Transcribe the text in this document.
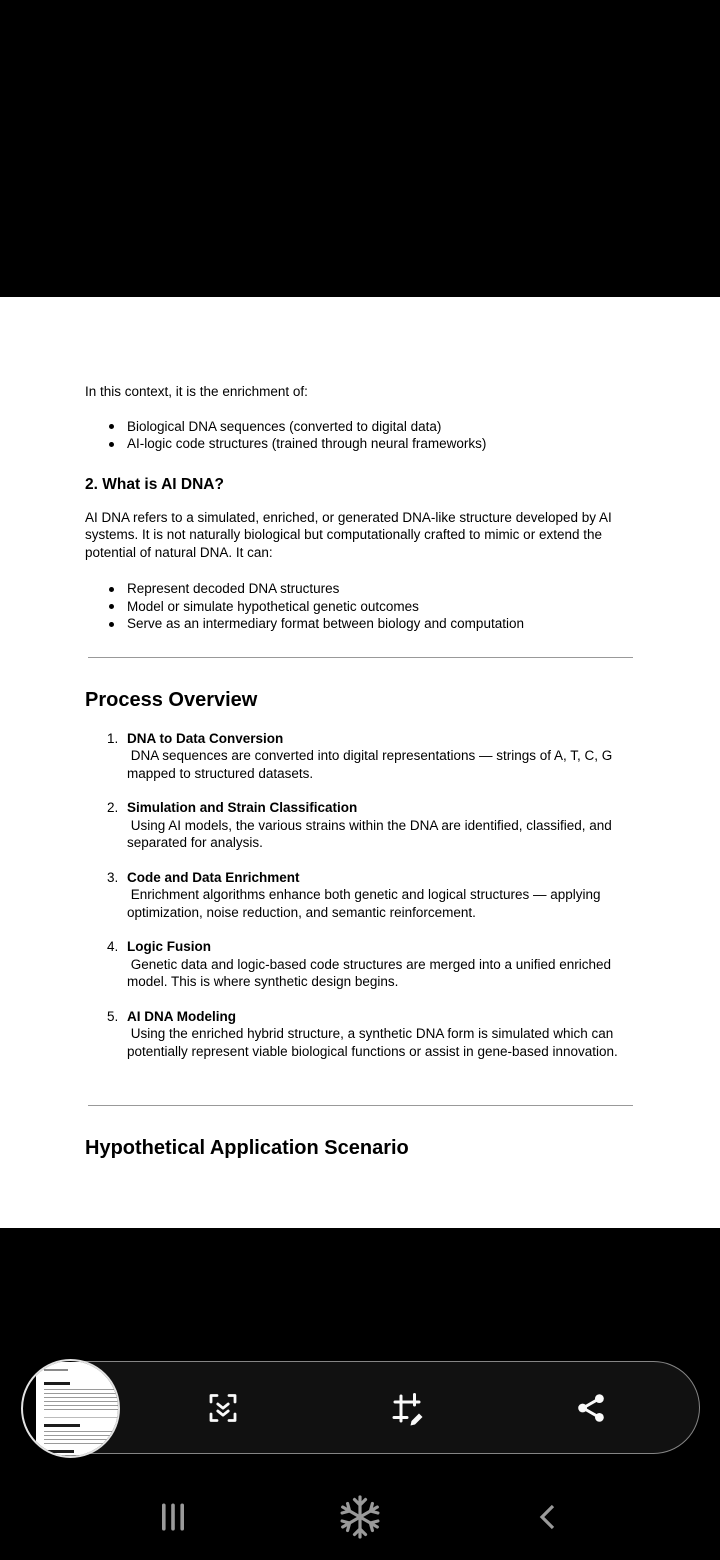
In this context, it is the enrichment of:

Biological DNA sequences (converted to digital data)
AI-logic code structures (trained through neural frameworks)
2. What is AI DNA?

AI DNA refers to a simulated, enriched, or generated DNA-like structure developed by AI systems. It is not naturally biological but computationally crafted to mimic or extend the potential of natural DNA. It can:

Represent decoded DNA structures
Model or simulate hypothetical genetic outcomes
Serve as an intermediary format between biology and computation
Process Overview
1. DNA to Data Conversion
DNA sequences are converted into digital representations — strings of A, T, C, G mapped to structured datasets.
2. Simulation and Strain Classification
Using AI models, the various strains within the DNA are identified, classified, and separated for analysis.
3. Code and Data Enrichment
Enrichment algorithms enhance both genetic and logical structures — applying optimization, noise reduction, and semantic reinforcement.
4. Logic Fusion
Genetic data and logic-based code structures are merged into a unified enriched model. This is where synthetic design begins.
5. AI DNA Modeling
Using the enriched hybrid structure, a synthetic DNA form is simulated which can potentially represent viable biological functions or assist in gene-based innovation.
Hypothetical Application Scenario
